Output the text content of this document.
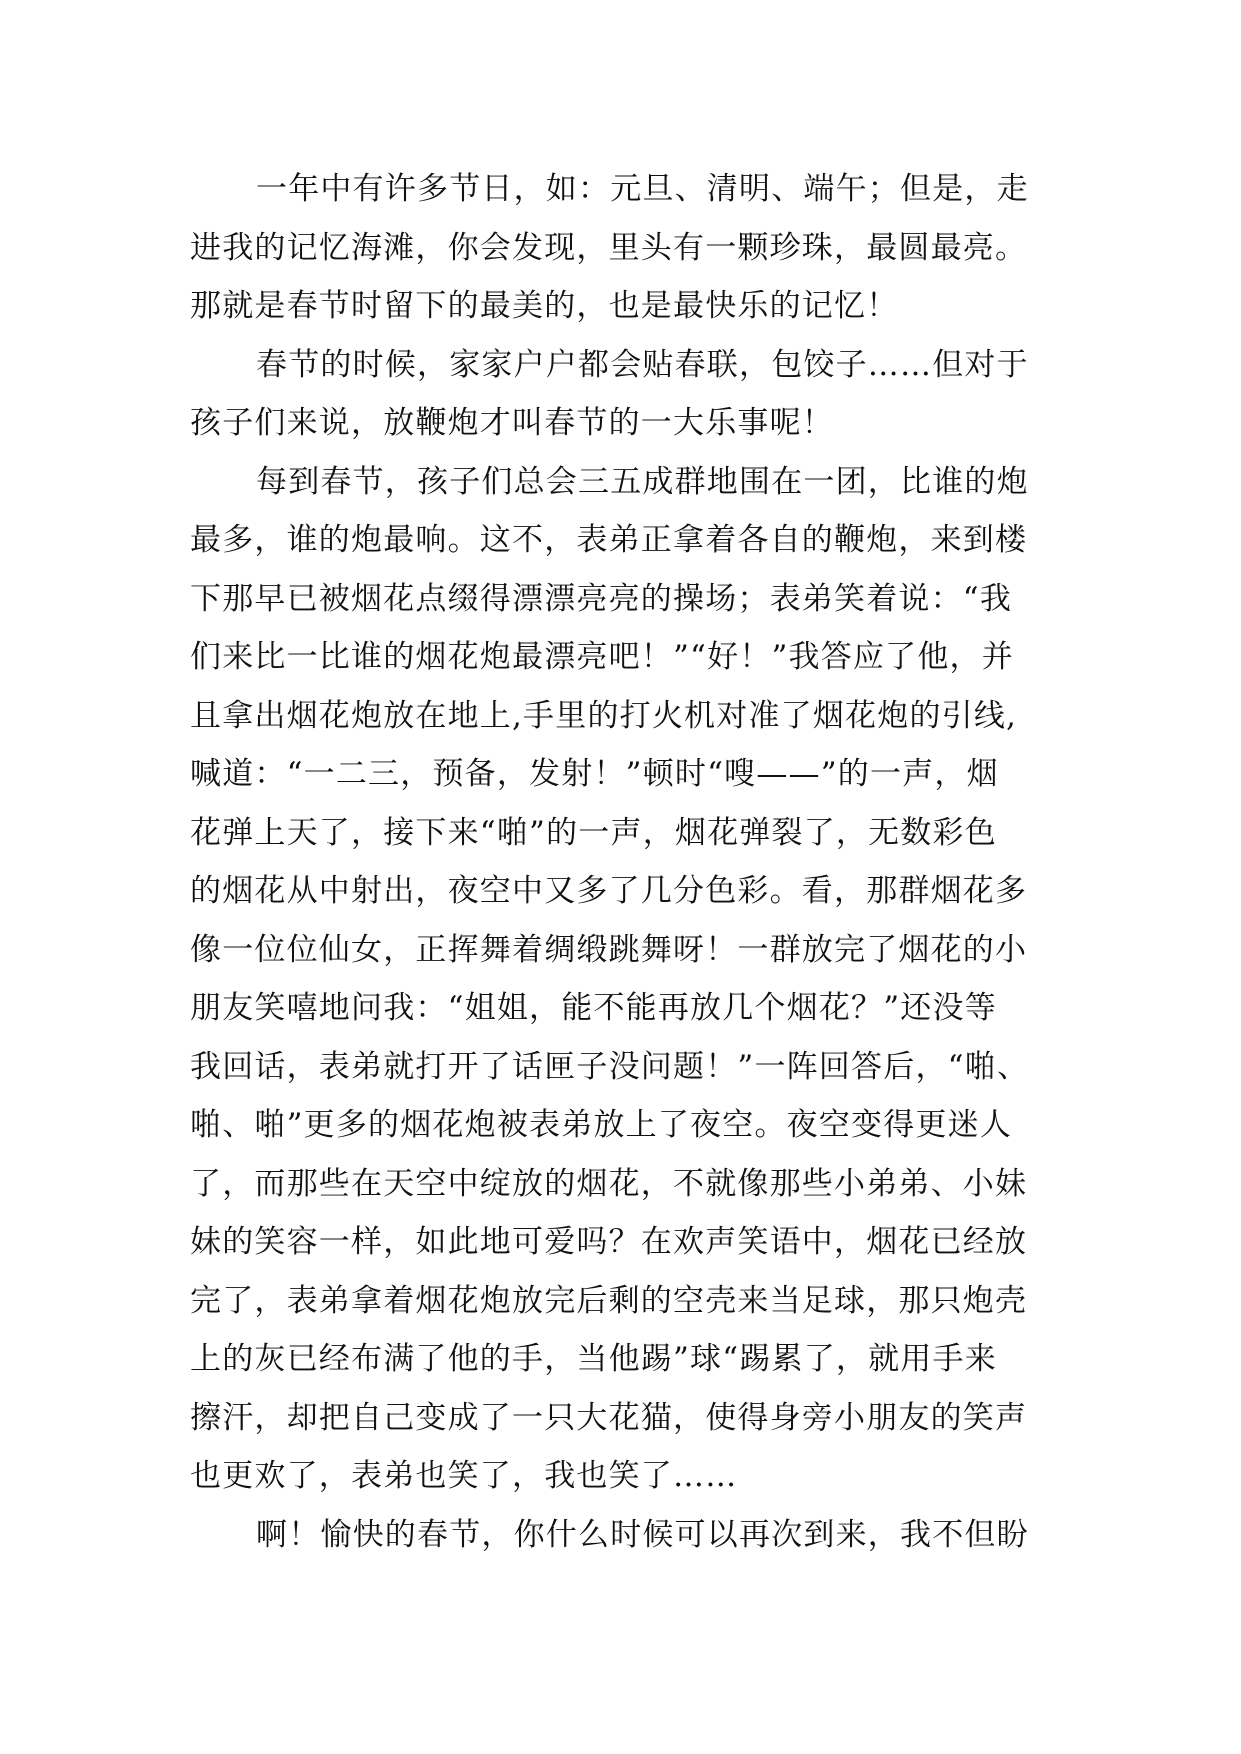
一年中有许多节日，如：元旦、清明、端午；但是，走
进我的记忆海滩，你会发现，里头有一颗珍珠，最圆最亮。
那就是春节时留下的最美的，也是最快乐的记忆！
春节的时候，家家户户都会贴春联，包饺子……但对于
孩子们来说，放鞭炮才叫春节的一大乐事呢！
每到春节，孩子们总会三五成群地围在一团，比谁的炮
最多，谁的炮最响。这不，表弟正拿着各自的鞭炮，来到楼
下那早已被烟花点缀得漂漂亮亮的操场；表弟笑着说：“我
们来比一比谁的烟花炮最漂亮吧！”“好！”我答应了他，并
且拿出烟花炮放在地上,手里的打火机对准了烟花炮的引线,
喊道：“一二三，预备，发射！”顿时“嗖——”的一声，烟
花弹上天了，接下来“啪”的一声，烟花弹裂了，无数彩色
的烟花从中射出，夜空中又多了几分色彩。看，那群烟花多
像一位位仙女，正挥舞着绸缎跳舞呀！一群放完了烟花的小
朋友笑嘻地问我：“姐姐，能不能再放几个烟花？”还没等
我回话，表弟就打开了话匣子没问题！”一阵回答后，“啪、
啪、啪”更多的烟花炮被表弟放上了夜空。夜空变得更迷人
了，而那些在天空中绽放的烟花，不就像那些小弟弟、小妹
妹的笑容一样，如此地可爱吗？在欢声笑语中，烟花已经放
完了，表弟拿着烟花炮放完后剩的空壳来当足球，那只炮壳
上的灰已经布满了他的手，当他踢”球“踢累了，就用手来
擦汗，却把自己变成了一只大花猫，使得身旁小朋友的笑声
也更欢了，表弟也笑了，我也笑了……
啊！愉快的春节，你什么时候可以再次到来，我不但盼
